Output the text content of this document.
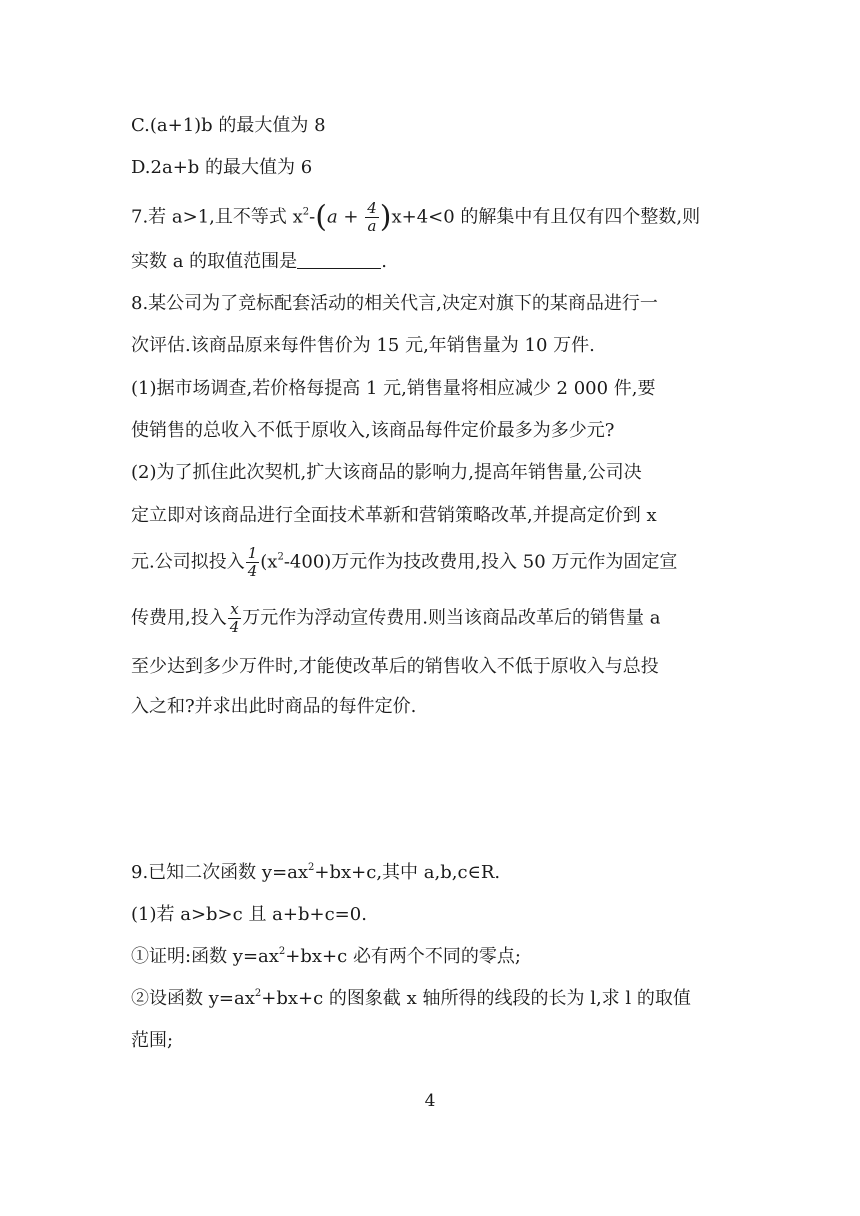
C.(a+1)b 的最大值为 8
D.2a+b 的最大值为 6
7.若 a>1,且不等式 $x^2-(a + \frac{4}{a} )x+4<0$ 的解集中有且仅有四个整数,则
实数 a 的取值范围是	.
8.某公司为了竞标配套活动的相关代言,决定对旗下的某商品进行一
次评估.该商品原来每件售价为 15 元,年销售量为 10 万件.
(1)据市场调查,若价格每提高 1 元,销售量将相应减少 2 000 件,要
使销售的总收入不低于原收入,该商品每件定价最多为多少元?
(2)为了抓住此次契机,扩大该商品的影响力,提高年销售量,公司决
定立即对该商品进行全面技术革新和营销策略改革,并提高定价到 x
元.公司拟投入 $\frac{1}{4} (x^2-400)$万元作为技改费用,投入 50 万元作为固定宣
传费用,投入 $\frac{x}{4}$ 万元作为浮动宣传费用.则当该商品改革后的销售量 a
至少达到多少万件时,才能使改革后的销售收入不低于原收入与总投
入之和?并求出此时商品的每件定价.
9.已知二次函数 $y=ax^2+bx+c$,其中 a,b,c∈R.
(1)若 a>b>c 且 a+b+c=0.
①证明:函数 $y=ax^2+bx+c$ 必有两个不同的零点;
②设函数 $y=ax^2+bx+c$ 的图象截 x 轴所得的线段的长为 l,求 l 的取值
范围;
4
